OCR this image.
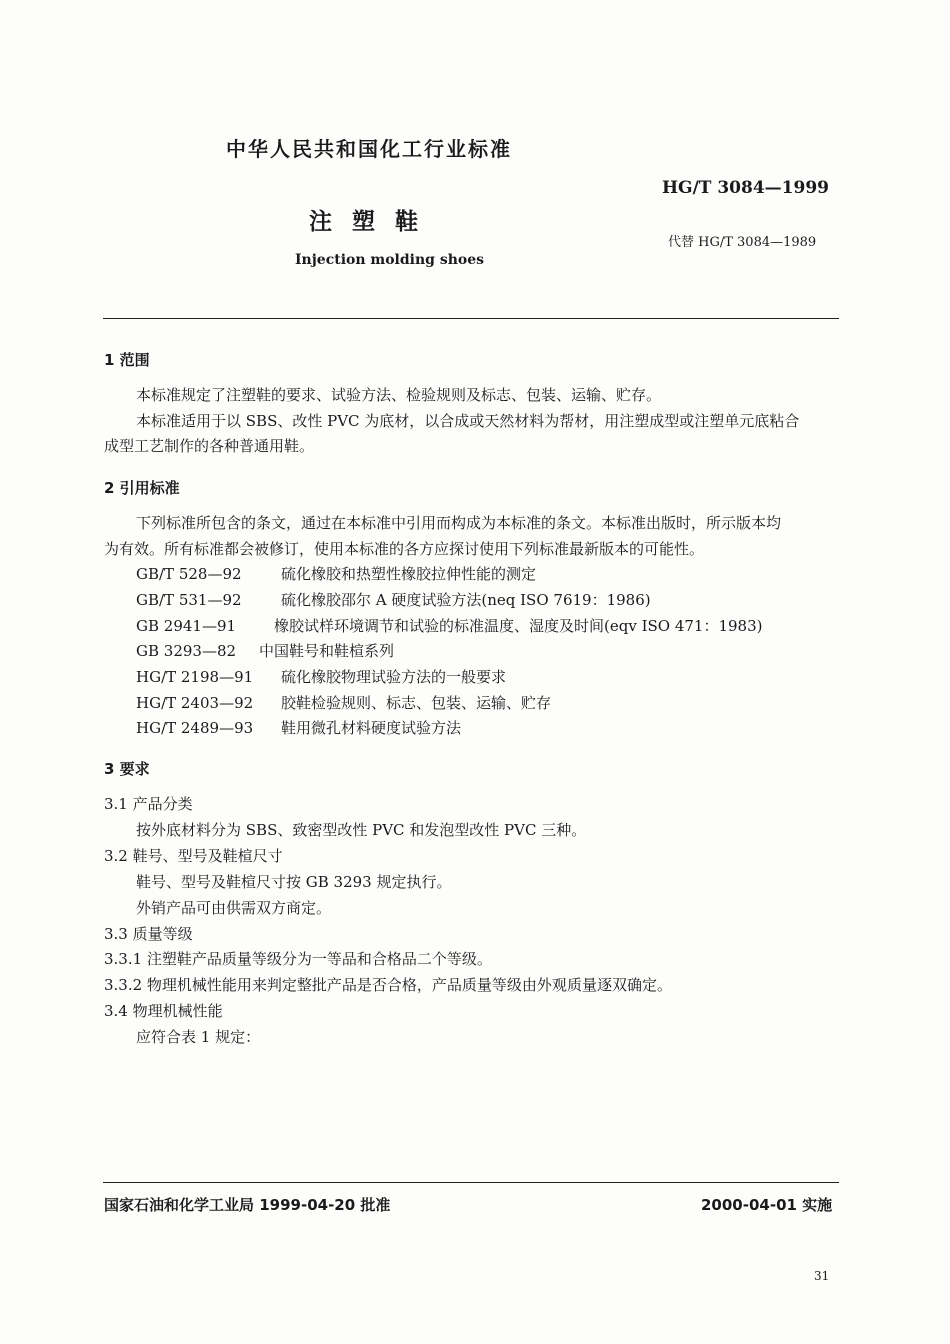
中华人民共和国化工行业标准
HG/T 3084—1999
注 塑 鞋
代替 HG/T 3084—1989
Injection molding shoes
1 范围
本标准规定了注塑鞋的要求、试验方法、检验规则及标志、包装、运输、贮存。
本标准适用于以 SBS、改性 PVC 为底材，以合成或天然材料为帮材，用注塑成型或注塑单元底粘合
成型工艺制作的各种普通用鞋。
2 引用标准
下列标准所包含的条文，通过在本标准中引用而构成为本标准的条文。本标准出版时，所示版本均
为有效。所有标准都会被修订，使用本标准的各方应探讨使用下列标准最新版本的可能性。
GB/T 528—92	硫化橡胶和热塑性橡胶拉伸性能的测定
GB/T 531—92	硫化橡胶邵尔 A 硬度试验方法(neq ISO 7619：1986)
GB 2941—91	橡胶试样环境调节和试验的标准温度、湿度及时间(eqv ISO 471：1983)
GB 3293—82 中国鞋号和鞋楦系列
HG/T 2198—91 硫化橡胶物理试验方法的一般要求
HG/T 2403—92 胶鞋检验规则、标志、包装、运输、贮存
HG/T 2489—93 鞋用微孔材料硬度试验方法
3 要求
3.1 产品分类
按外底材料分为 SBS、致密型改性 PVC 和发泡型改性 PVC 三种。
3.2 鞋号、型号及鞋楦尺寸
鞋号、型号及鞋楦尺寸按 GB 3293 规定执行。
外销产品可由供需双方商定。
3.3 质量等级
3.3.1 注塑鞋产品质量等级分为一等品和合格品二个等级。
3.3.2 物理机械性能用来判定整批产品是否合格，产品质量等级由外观质量逐双确定。
3.4 物理机械性能
应符合表 1 规定：
国家石油和化学工业局 1999-04-20 批准	2000-04-01 实施
31
